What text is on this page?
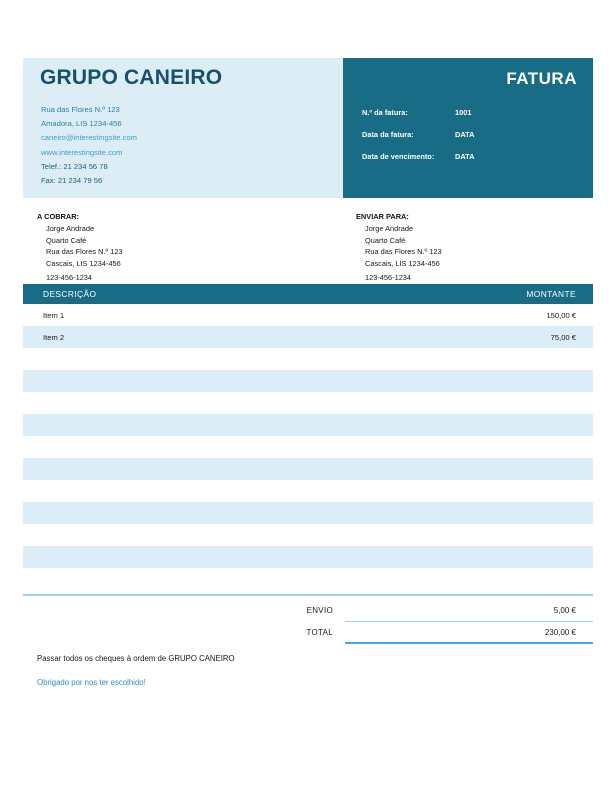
GRUPO CANEIRO
Rua das Flores N.º 123
Amadora, LIS 1234-456
caneiro@interestingsite.com
www.interestingsite.com
Telef.: 21 234 56 78
Fax: 21 234 79 56
FATURA
N.º da fatura:	1001
Data da fatura:	DATA
Data de vencimento:	DATA
A COBRAR:
Jorge Andrade
Quarto Café
Rua das Flores N.º 123
Cascais, LIS 1234-456
123-456-1234
ENVIAR PARA:
Jorge Andrade
Quarto Café
Rua das Flores N.º 123
Cascais, LIS 1234-456
123-456-1234
DESCRIÇÃO	MONTANTE
Item 1	150,00 €
Item 2	75,00 €
ENVIO	5,00 €
TOTAL	230,00 €
Passar todos os cheques à ordem de GRUPO CANEIRO
Obrigado por nos ter escolhido!
